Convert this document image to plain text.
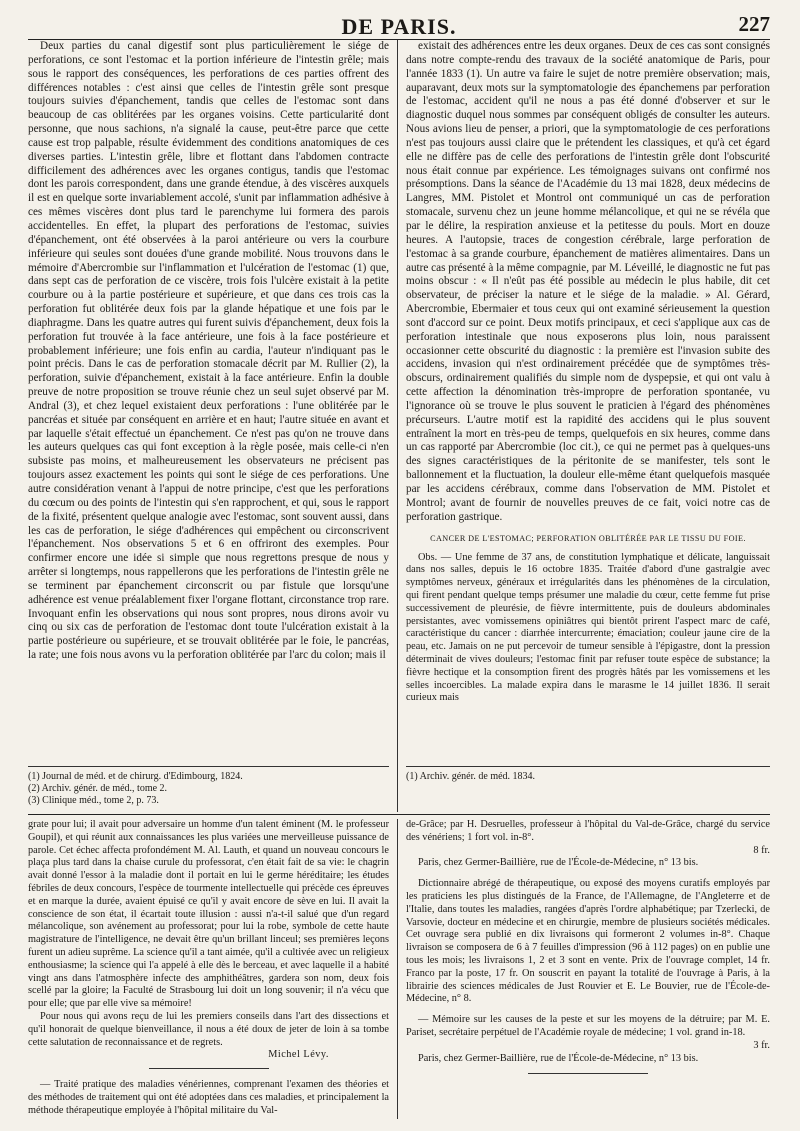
DE PARIS.	227

Deux parties du canal digestif sont plus particulièrement le siége de perforations, ce sont l'estomac et la portion inférieure de l'intestin grêle; mais sous le rapport des conséquences, les perforations de ces parties offrent des différences notables : c'est ainsi que celles de l'intestin grêle sont presque toujours suivies d'épanchement, tandis que celles de l'estomac sont dans beaucoup de cas oblitérées par les organes voisins. Cette particularité dont personne, que nous sachions, n'a signalé la cause, peut-être parce que cette cause est trop palpable, résulte évidemment des conditions anatomiques de ces diverses parties. L'intestin grêle, libre et flottant dans l'abdomen contracte difficilement des adhérences avec les organes contigus, tandis que l'estomac dont les parois correspondent, dans une grande étendue, à des viscères auxquels il est en quelque sorte invariablement accolé, s'unit par inflammation adhésive à ces mêmes viscères dont plus tard le parenchyme lui formera des parois accidentelles. En effet, la plupart des perforations de l'estomac, suivies d'épanchement, ont été observées à la paroi antérieure ou vers la courbure inférieure qui seules sont douées d'une grande mobilité. Nous trouvons dans le mémoire d'Abercrombie sur l'inflammation et l'ulcération de l'estomac (1) que, dans sept cas de perforation de ce viscère, trois fois l'ulcère existait à la petite courbure ou à la partie postérieure et supérieure, et que dans ces trois cas la perforation fut oblitérée deux fois par la glande hépatique et une fois par le diaphragme. Dans les quatre autres qui furent suivis d'épanchement, deux fois la perforation fut trouvée à la face antérieure, une fois à la face postérieure et probablement inférieure; une fois enfin au cardia, l'auteur n'indiquant pas le point précis. Dans le cas de perforation stomacale décrit par M. Rullier (2), la perforation, suivie d'épanchement, existait à la face antérieure. Enfin la double preuve de notre proposition se trouve réunie chez un seul sujet observé par M. Andral (3), et chez lequel existaient deux perforations : l'une oblitérée par le pancréas et située par conséquent en arrière et en haut; l'autre située en avant et par laquelle s'était effectué un épanchement. Ce n'est pas qu'on ne trouve dans les auteurs quelques cas qui font exception à la règle posée, mais celle-ci n'en subsiste pas moins, et malheureusement les observateurs ne précisent pas toujours assez exactement les points qui sont le siége de ces perforations. Une autre considération venant à l'appui de notre principe, c'est que les perforations du cœcum ou des points de l'intestin qui s'en rapprochent, et qui, sous le rapport de la fixité, présentent quelque analogie avec l'estomac, sont souvent aussi, dans les cas de perforation, le siége d'adhérences qui empêchent ou circonscrivent l'épanchement. Nos observations 5 et 6 en offriront des exemples. Pour confirmer encore une idée si simple que nous regrettons presque de nous y arrêter si longtemps, nous rappellerons que les perforations de l'intestin grêle ne se terminent par épanchement circonscrit ou par fistule que lorsqu'une adhérence est venue préalablement fixer l'organe flottant, circonstance trop rare. Invoquant enfin les observations qui nous sont propres, nous dirons avoir vu cinq ou six cas de perforation de l'estomac dont toute l'ulcération existait à la partie postérieure ou supérieure, et se trouvait oblitérée par le foie, le pancréas, la rate; une fois nous avons vu la perforation oblitérée par l'arc du colon; mais il

existait des adhérences entre les deux organes. Deux de ces cas sont consignés dans notre compte-rendu des travaux de la société anatomique de Paris, pour l'année 1833 (1). Un autre va faire le sujet de notre première observation; mais, auparavant, deux mots sur la symptomatologie des épanchemens par perforation de l'estomac, accident qu'il ne nous a pas été donné d'observer et sur le diagnostic duquel nous sommes par conséquent obligés de consulter les auteurs. Nous avions lieu de penser, a priori, que la symptomatologie de ces perforations n'est pas toujours aussi claire que le prétendent les classiques, et qu'à cet égard elle ne diffère pas de celle des perforations de l'intestin grêle dont l'obscurité nous était connue par expérience. Les témoignages suivans ont confirmé nos présomptions. Dans la séance de l'Académie du 13 mai 1828, deux médecins de Langres, MM. Pistolet et Montrol ont communiqué un cas de perforation stomacale, survenu chez un jeune homme mélancolique, et qui ne se révéla que par le délire, la respiration anxieuse et la petitesse du pouls. Mort en douze heures. A l'autopsie, traces de congestion cérébrale, large perforation de l'estomac à sa grande courbure, épanchement de matières alimentaires. Dans un autre cas présenté à la même compagnie, par M. Léveillé, le diagnostic ne fut pas moins obscur : « Il n'eût pas été possible au médecin le plus habile, dit cet observateur, de préciser la nature et le siége de la maladie. » Al. Gérard, Abercrombie, Ebermaier et tous ceux qui ont examiné sérieusement la question sont d'accord sur ce point. Deux motifs principaux, et ceci s'applique aux cas de perforation intestinale que nous exposerons plus loin, nous paraissent occasionner cette obscurité du diagnostic : la première est l'invasion subite des accidens, invasion qui n'est ordinairement précédée que de symptômes très-obscurs, ordinairement qualifiés du simple nom de dyspepsie, et qui ont valu à cette affection la dénomination très-impropre de perforation spontanée, vu l'ignorance où se trouve le plus souvent le praticien à l'égard des phénomènes précurseurs. L'autre motif est la rapidité des accidens qui le plus souvent entraînent la mort en très-peu de temps, quelquefois en six heures, comme dans un cas rapporté par Abercrombie (loc cit.), ce qui ne permet pas à quelques-uns des signes caractéristiques de la péritonite de se manifester, tels sont le ballonnement et la fluctuation, la douleur elle-même étant quelquefois masquée par les accidens cérébraux, comme dans l'observation de MM. Pistolet et Montrol; avant de fournir de nouvelles preuves de ce fait, voici notre cas de perforation gastrique.

CANCER DE L'ESTOMAC; PERFORATION OBLITÉRÉE PAR LE TISSU DU FOIE.

Obs. — Une femme de 37 ans, de constitution lymphatique et délicate, languissait dans nos salles, depuis le 16 octobre 1835. Traitée d'abord d'une gastralgie avec symptômes nerveux, généraux et irrégularités dans les phénomènes de la circulation, qui firent pendant quelque temps présumer une maladie du cœur, cette femme fut prise successivement de pleurésie, de fièvre intermittente, puis de douleurs abdominales persistantes, avec vomissemens opiniâtres qui bientôt prirent l'aspect marc de café, caractéristique du cancer : diarrhée intercurrente; émaciation; couleur jaune cire de la peau, etc. Jamais on ne put percevoir de tumeur sensible à l'épigastre, dont la pression déterminait de vives douleurs; l'estomac finit par refuser toute espèce de substance; la fièvre hectique et la consomption firent des progrès hâtés par les vomissemens et les selles incoercibles. La malade expira dans le marasme le 14 juillet 1836. Il serait curieux mais

(1) Journal de méd. et de chirurg. d'Edimbourg, 1824.

(2) Archiv. génér. de méd., tome 2.

(3) Clinique méd., tome 2, p. 73.

(1) Archiv. génér. de méd. 1834.

grate pour lui; il avait pour adversaire un homme d'un talent éminent (M. le professeur Goupil), et qui réunit aux connaissances les plus variées une merveilleuse puissance de parole. Cet échec affecta profondément M. Al. Lauth, et quand un nouveau concours le plaça plus tard dans la chaise curule du professorat, c'en était fait de sa vie: le chagrin avait donné l'essor à la maladie dont il portait en lui le germe héréditaire; les études fébriles de deux concours, l'espèce de tourmente intellectuelle qui précède ces épreuves et en marque la durée, avaient épuisé ce qu'il y avait encore de sève en lui. Il avait la conscience de son état, il écartait toute illusion : aussi n'a-t-il salué que d'un regard mélancolique, son avénement au professorat; pour lui la robe, symbole de cette haute magistrature de l'intelligence, ne devait être qu'un brillant linceul; ses premières leçons furent un adieu suprême. La science qu'il a tant aimée, qu'il a cultivée avec un religieux enthousiasme; la science qui l'a appelé à elle dès le berceau, et avec laquelle il a habité vingt ans dans l'atmosphère infecte des amphithéâtres, gardera son nom, deux fois scellé par la gloire; la Faculté de Strasbourg lui doit un long souvenir; il n'a vécu que pour elle; que par elle vive sa mémoire!

Pour nous qui avons reçu de lui les premiers conseils dans l'art des dissections et qu'il honorait de quelque bienveillance, il nous a été doux de jeter de loin à sa tombe cette salutation de reconnaissance et de regrets.

Michel Lévy.

— Traité pratique des maladies vénériennes, comprenant l'examen des théories et des méthodes de traitement qui ont été adoptées dans ces maladies, et principalement la méthode thérapeutique employée à l'hôpital militaire du Val-

de-Grâce; par H. Desruelles, professeur à l'hôpital du Val-de-Grâce, chargé du service des vénériens; 1 fort vol. in-8°.

8 fr.

Paris, chez Germer-Baillière, rue de l'École-de-Médecine, n° 13 bis.

Dictionnaire abrégé de thérapeutique, ou exposé des moyens curatifs employés par les praticiens les plus distingués de la France, de l'Allemagne, de l'Angleterre et de l'Italie, dans toutes les maladies, rangées d'après l'ordre alphabétique; par Tzerlecki, de Varsovie, docteur en médecine et en chirurgie, membre de plusieurs sociétés médicales. Cet ouvrage sera publié en dix livraisons qui formeront 2 volumes in-8°. Chaque livraison se composera de 6 à 7 feuilles d'impression (96 à 112 pages) on en publie une tous les mois; les livraisons 1, 2 et 3 sont en vente. Prix de l'ouvrage complet, 14 fr. Franco par la poste, 17 fr. On souscrit en payant la totalité de l'ouvrage à Paris, à la librairie des sciences médicales de Just Rouvier et E. Le Bouvier, rue de l'École-de-Médecine, n° 8.

— Mémoire sur les causes de la peste et sur les moyens de la détruire; par M. E. Pariset, secrétaire perpétuel de l'Académie royale de médecine; 1 vol. grand in-18.

3 fr.

Paris, chez Germer-Baillière, rue de l'École-de-Médecine, n° 13 bis.
